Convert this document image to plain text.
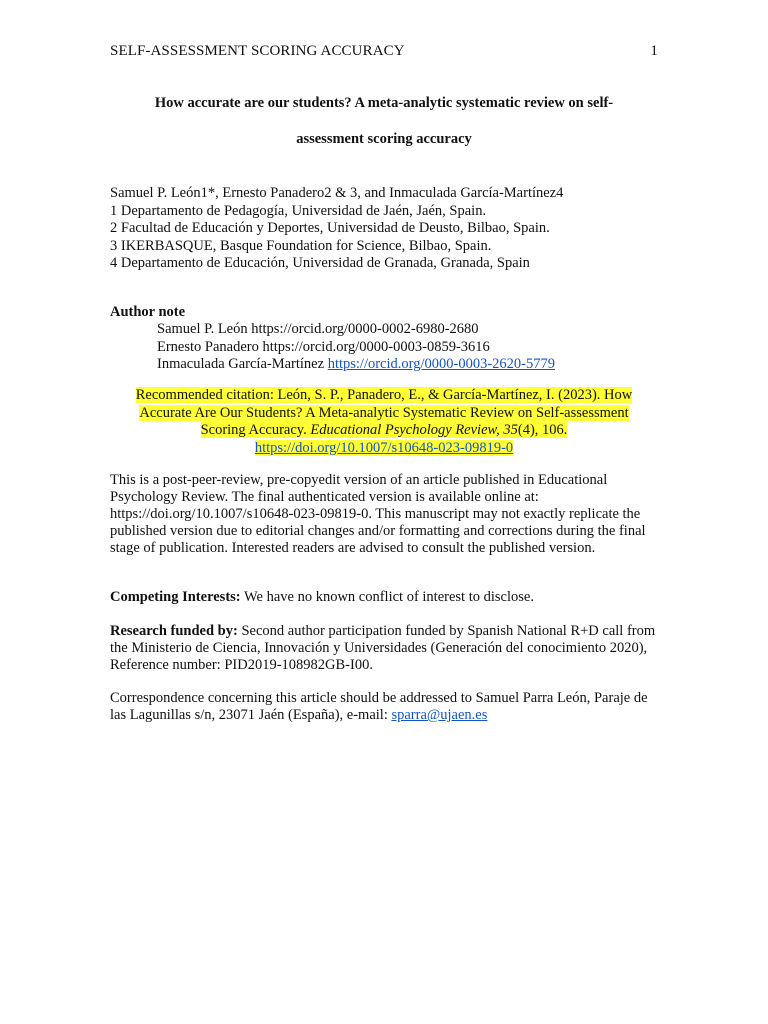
SELF-ASSESSMENT SCORING ACCURACY	1
How accurate are our students? A meta-analytic systematic review on self-
assessment scoring accuracy
Samuel P. León1*, Ernesto Panadero2 & 3, and Inmaculada García-Martínez4
1 Departamento de Pedagogía, Universidad de Jaén, Jaén, Spain.
2 Facultad de Educación y Deportes, Universidad de Deusto, Bilbao, Spain.
3 IKERBASQUE, Basque Foundation for Science, Bilbao, Spain.
4 Departamento de Educación, Universidad de Granada, Granada, Spain
Author note
Samuel P. León https://orcid.org/0000-0002-6980-2680
Ernesto Panadero https://orcid.org/0000-0003-0859-3616
Inmaculada García-Martínez https://orcid.org/0000-0003-2620-5779
Recommended citation: León, S. P., Panadero, E., & García-Martínez, I. (2023). How
Accurate Are Our Students? A Meta-analytic Systematic Review on Self-assessment
Scoring Accuracy. Educational Psychology Review, 35(4), 106.
https://doi.org/10.1007/s10648-023-09819-0
This is a post-peer-review, pre-copyedit version of an article published in Educational Psychology Review. The final authenticated version is available online at: https://doi.org/10.1007/s10648-023-09819-0. This manuscript may not exactly replicate the published version due to editorial changes and/or formatting and corrections during the final stage of publication. Interested readers are advised to consult the published version.
Competing Interests: We have no known conflict of interest to disclose.
Research funded by: Second author participation funded by Spanish National R+D call from the Ministerio de Ciencia, Innovación y Universidades (Generación del conocimiento 2020), Reference number: PID2019-108982GB-I00.
Correspondence concerning this article should be addressed to Samuel Parra León, Paraje de las Lagunillas s/n, 23071 Jaén (España), e-mail: sparra@ujaen.es
